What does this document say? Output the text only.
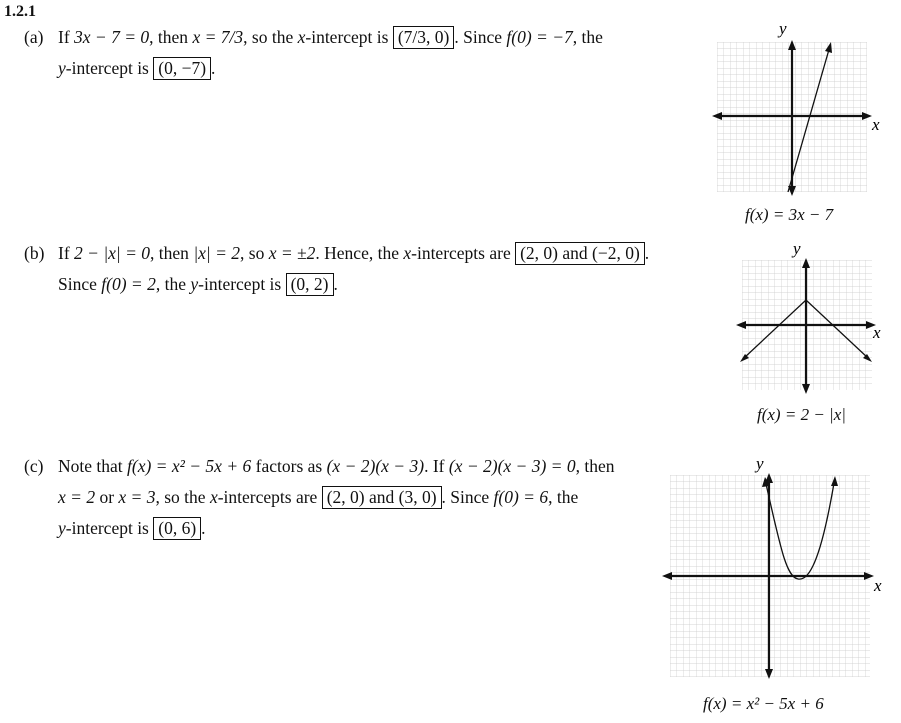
1.2.1
(a) If 3x − 7 = 0, then x = 7/3, so the x-intercept is (7/3, 0) . Since f(0) = −7, the
y-intercept is (0, −7) .
x
y
f(x) = 3x − 7
(b) If 2 − |x| = 0, then |x| = 2, so x = ±2. Hence, the x-intercepts are (2, 0) and (−2, 0) .
Since f(0) = 2, the y-intercept is (0, 2) .
x
y
f(x) = 2 − |x|
(c) Note that f(x) = x² − 5x + 6 factors as (x − 2)(x − 3). If (x − 2)(x − 3) = 0, then
x = 2 or x = 3, so the x-intercepts are (2, 0) and (3, 0) . Since f(0) = 6, the
y-intercept is (0, 6) .
x
y
f(x) = x² − 5x + 6
